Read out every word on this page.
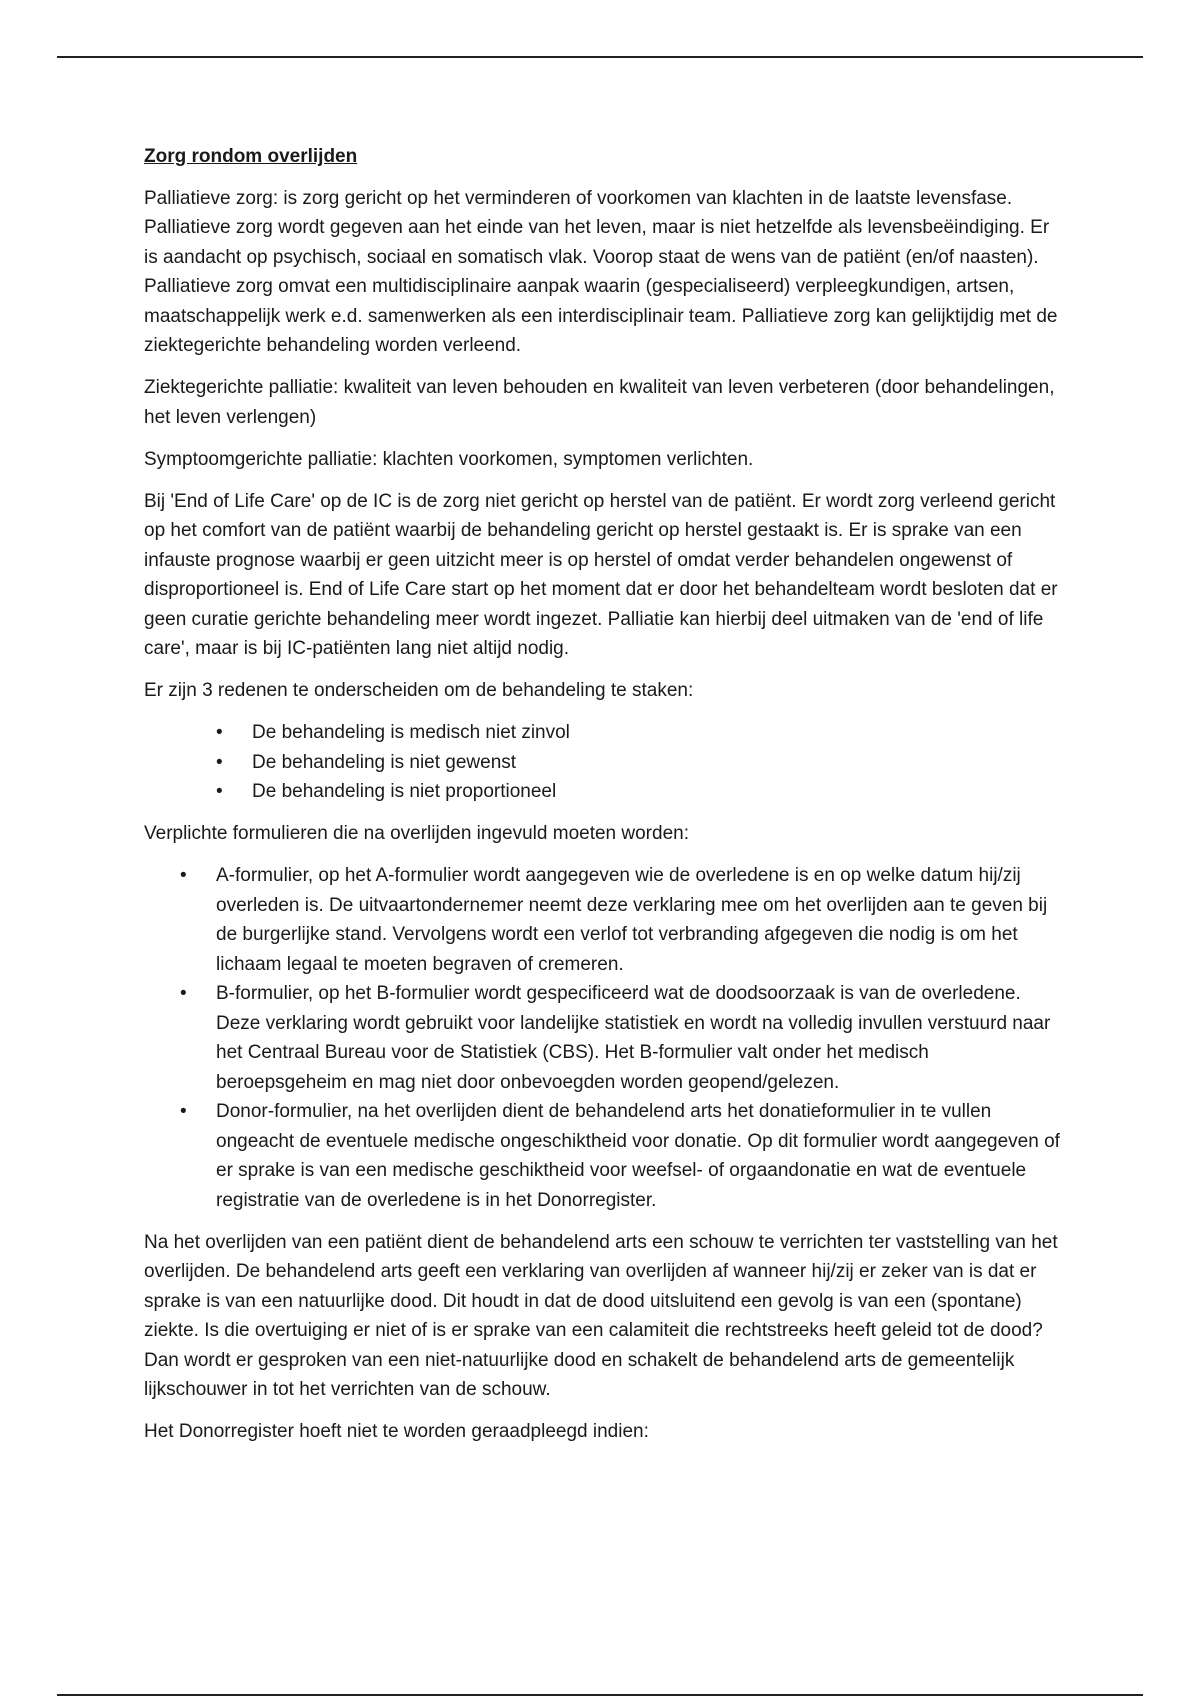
Zorg rondom overlijden

Palliatieve zorg: is zorg gericht op het verminderen of voorkomen van klachten in de laatste levensfase. Palliatieve zorg wordt gegeven aan het einde van het leven, maar is niet hetzelfde als levensbeëindiging. Er is aandacht op psychisch, sociaal en somatisch vlak. Voorop staat de wens van de patiënt (en/of naasten). Palliatieve zorg omvat een multidisciplinaire aanpak waarin (gespecialiseerd) verpleegkundigen, artsen, maatschappelijk werk e.d. samenwerken als een interdisciplinair team. Palliatieve zorg kan gelijktijdig met de ziektegerichte behandeling worden verleend.

Ziektegerichte palliatie: kwaliteit van leven behouden en kwaliteit van leven verbeteren (door behandelingen, het leven verlengen)

Symptoomgerichte palliatie: klachten voorkomen, symptomen verlichten.

Bij 'End of Life Care' op de IC is de zorg niet gericht op herstel van de patiënt. Er wordt zorg verleend gericht op het comfort van de patiënt waarbij de behandeling gericht op herstel gestaakt is. Er is sprake van een infauste prognose waarbij er geen uitzicht meer is op herstel of omdat verder behandelen ongewenst of disproportioneel is. End of Life Care start op het moment dat er door het behandelteam wordt besloten dat er geen curatie gerichte behandeling meer wordt ingezet. Palliatie kan hierbij deel uitmaken van de 'end of life care', maar is bij IC-patiënten lang niet altijd nodig.

Er zijn 3 redenen te onderscheiden om de behandeling te staken:

• De behandeling is medisch niet zinvol
• De behandeling is niet gewenst
• De behandeling is niet proportioneel

Verplichte formulieren die na overlijden ingevuld moeten worden:

• A-formulier, op het A-formulier wordt aangegeven wie de overledene is en op welke datum hij/zij overleden is. De uitvaartondernemer neemt deze verklaring mee om het overlijden aan te geven bij de burgerlijke stand. Vervolgens wordt een verlof tot verbranding afgegeven die nodig is om het lichaam legaal te moeten begraven of cremeren.
• B-formulier, op het B-formulier wordt gespecificeerd wat de doodsoorzaak is van de overledene. Deze verklaring wordt gebruikt voor landelijke statistiek en wordt na volledig invullen verstuurd naar het Centraal Bureau voor de Statistiek (CBS). Het B-formulier valt onder het medisch beroepsgeheim en mag niet door onbevoegden worden geopend/gelezen.
• Donor-formulier, na het overlijden dient de behandelend arts het donatieformulier in te vullen ongeacht de eventuele medische ongeschiktheid voor donatie. Op dit formulier wordt aangegeven of er sprake is van een medische geschiktheid voor weefsel- of orgaandonatie en wat de eventuele registratie van de overledene is in het Donorregister.

Na het overlijden van een patiënt dient de behandelend arts een schouw te verrichten ter vaststelling van het overlijden. De behandelend arts geeft een verklaring van overlijden af wanneer hij/zij er zeker van is dat er sprake is van een natuurlijke dood. Dit houdt in dat de dood uitsluitend een gevolg is van een (spontane) ziekte. Is die overtuiging er niet of is er sprake van een calamiteit die rechtstreeks heeft geleid tot de dood? Dan wordt er gesproken van een niet-natuurlijke dood en schakelt de behandelend arts de gemeentelijk lijkschouwer in tot het verrichten van de schouw.

Het Donorregister hoeft niet te worden geraadpleegd indien:
